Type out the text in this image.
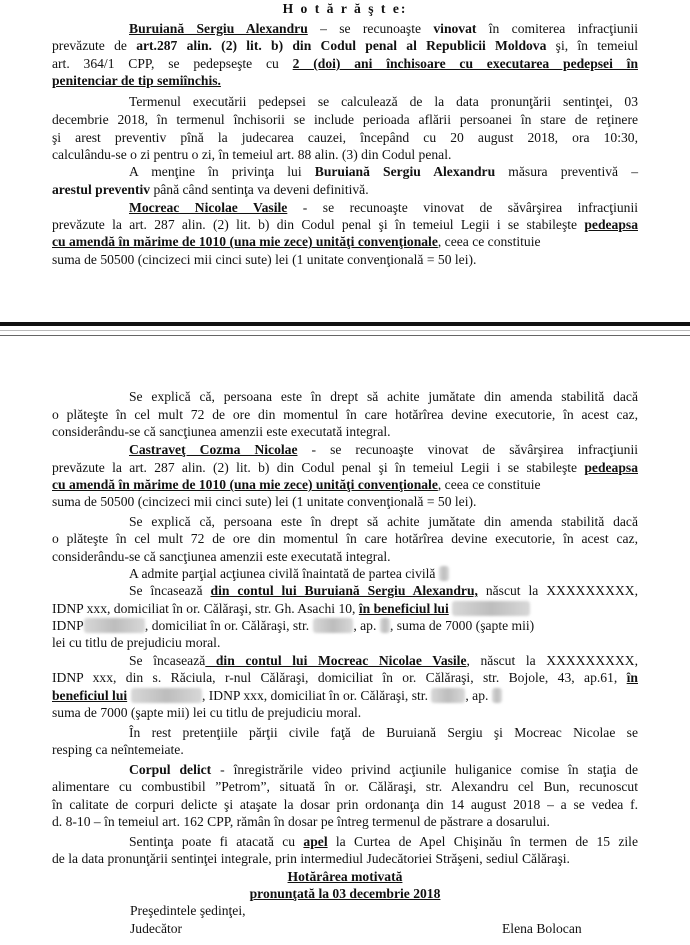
H o t ă r ă ş t e:
Buruiană Sergiu Alexandru – se recunoaşte vinovat în comiterea infracţiunii
prevăzute de art.287 alin. (2) lit. b) din Codul penal al Republicii Moldova şi, în temeiul
art. 364/1 CPP, se pedepseşte cu 2 (doi) ani închisoare cu executarea pedepsei în
penitenciar de tip semiînchis.
Termenul executării pedepsei se calculează de la data pronunţării sentinţei, 03
decembrie 2018, în termenul închisorii se include perioada aflării persoanei în stare de reţinere
şi arest preventiv pînă la judecarea cauzei, începând cu 20 august 2018, ora 10:30,
calculându-se o zi pentru o zi, în temeiul art. 88 alin. (3) din Codul penal.
A menţine în privinţa lui Buruiană Sergiu Alexandru măsura preventivă –
arestul preventiv până când sentinţa va deveni definitivă.
Mocreac Nicolae Vasile - se recunoaşte vinovat de săvârşirea infracţiunii
prevăzute la art. 287 alin. (2) lit. b) din Codul penal şi în temeiul Legii i se stabileşte pedeapsa
cu amendă în mărime de 1010 (una mie zece) unităţi convenţionale, ceea ce constituie
suma de 50500 (cincizeci mii cinci sute) lei (1 unitate convenţională = 50 lei).
Se explică că, persoana este în drept să achite jumătate din amenda stabilită dacă
o plăteşte în cel mult 72 de ore din momentul în care hotărîrea devine executorie, în acest caz,
considerându-se că sancţiunea amenzii este executată integral.
Castraveţ Cozma Nicolae - se recunoaşte vinovat de săvârşirea infracţiunii
prevăzute la art. 287 alin. (2) lit. b) din Codul penal şi în temeiul Legii i se stabileşte pedeapsa
cu amendă în mărime de 1010 (una mie zece) unităţi convenţionale, ceea ce constituie
suma de 50500 (cincizeci mii cinci sute) lei (1 unitate convenţională = 50 lei).
Se explică că, persoana este în drept să achite jumătate din amenda stabilită dacă
o plăteşte în cel mult 72 de ore din momentul în care hotărîrea devine executorie, în acest caz,
considerându-se că sancţiunea amenzii este executată integral.
A admite parţial acţiunea civilă înaintată de partea civilă
Se încasează din contul lui Buruiană Sergiu Alexandru, născut la XXXXXXXXX,
IDNP xxx, domiciliat în or. Călăraşi, str. Gh. Asachi 10, în beneficiul lui
IDNP	, domiciliat în or. Călăraşi, str.	, ap. , suma de 7000 (şapte mii)
lei cu titlu de prejudiciu moral.
Se încasează din contul lui Mocreac Nicolae Vasile, născut la XXXXXXXXX,
IDNP xxx, din s. Răciula, r-nul Călăraşi, domiciliat în or. Călăraşi, str. Bojole, 43, ap.61, în
beneficiul lui	, IDNP xxx, domiciliat în or. Călăraşi, str.	, ap.
suma de 7000 (şapte mii) lei cu titlu de prejudiciu moral.
În rest pretenţiile părţii civile faţă de Buruiană Sergiu şi Mocreac Nicolae se
resping ca neîntemeiate.
Corpul delict - înregistrările video privind acţiunile huliganice comise în staţia de
alimentare cu combustibil ”Petrom”, situată în or. Călăraşi, str. Alexandru cel Bun, recunoscut
în calitate de corpuri delicte şi ataşate la dosar prin ordonanţa din 14 august 2018 – a se vedea f.
d. 8-10 – în temeiul art. 162 CPP, rămân în dosar pe întreg termenul de păstrare a dosarului.
Sentinţa poate fi atacată cu apel la Curtea de Apel Chişinău în termen de 15 zile
de la data pronunţării sentinţei integrale, prin intermediul Judecătoriei Străşeni, sediul Călăraşi.
Hotărârea motivată
pronunţată la 03 decembrie 2018
Preşedintele şedinţei,
Judecător	Elena Bolocan
